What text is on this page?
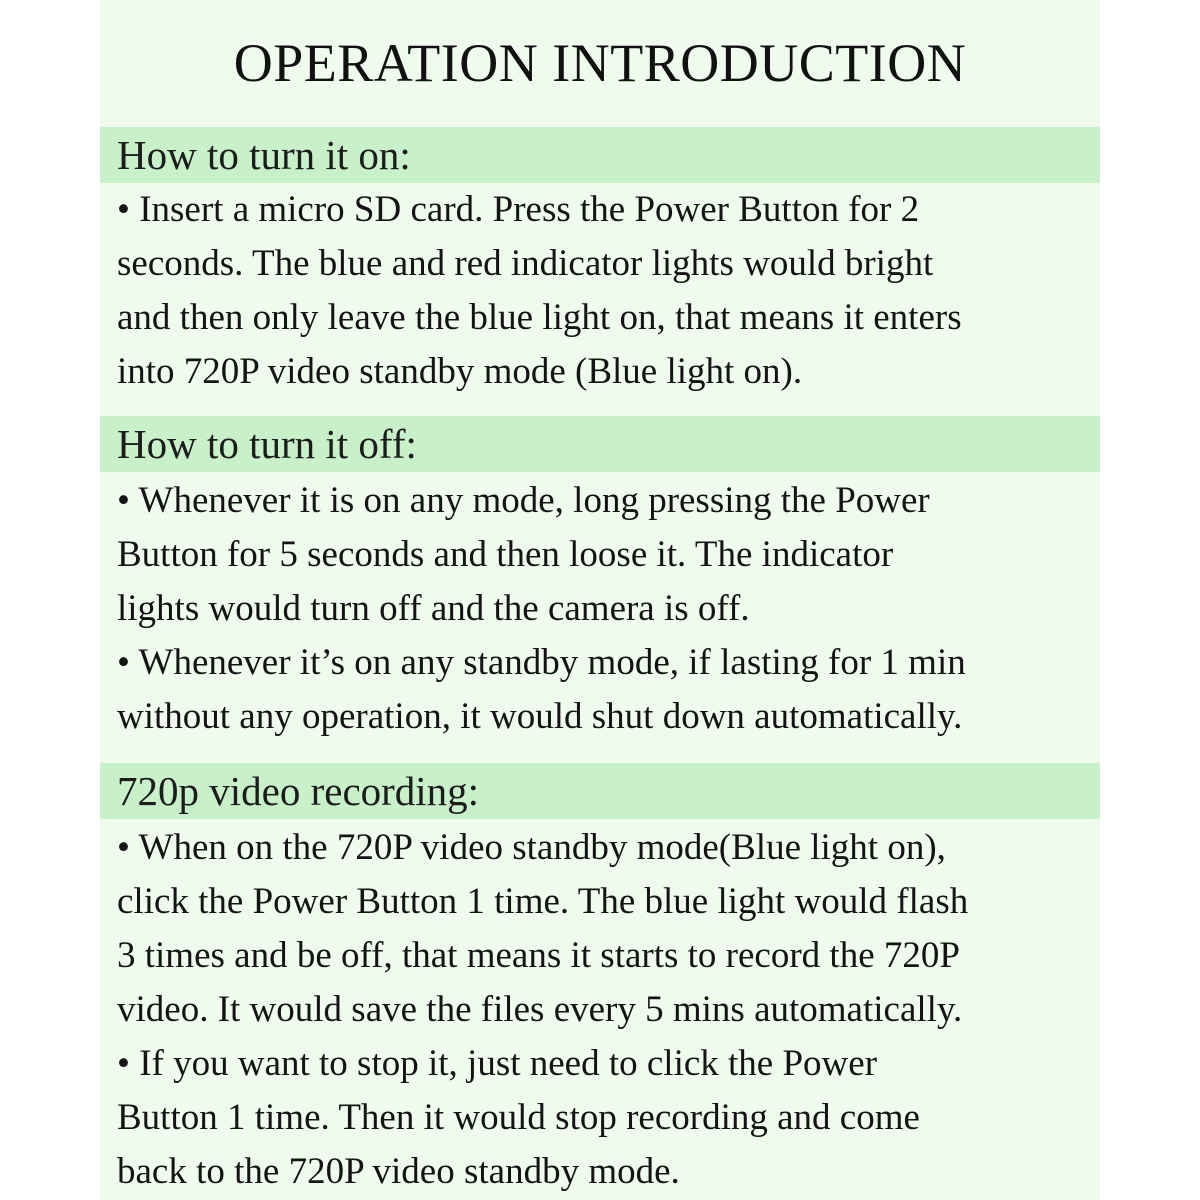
OPERATION INTRODUCTION
How to turn it on:
• Insert a micro SD card. Press the Power Button for 2
seconds. The blue and red indicator lights would bright
and then only leave the blue light on, that means it enters
into 720P video standby mode (Blue light on).
How to turn it off:
• Whenever it is on any mode, long pressing the Power
Button for 5 seconds and then loose it. The indicator
lights would turn off and the camera is off.
• Whenever it’s on any standby mode, if lasting for 1 min
without any operation, it would shut down automatically.
720p video recording:
• When on the 720P video standby mode(Blue light on),
click the Power Button 1 time. The blue light would flash
3 times and be off, that means it starts to record the 720P
video. It would save the files every 5 mins automatically.
• If you want to stop it, just need to click the Power
Button 1 time. Then it would stop recording and come
back to the 720P video standby mode.
